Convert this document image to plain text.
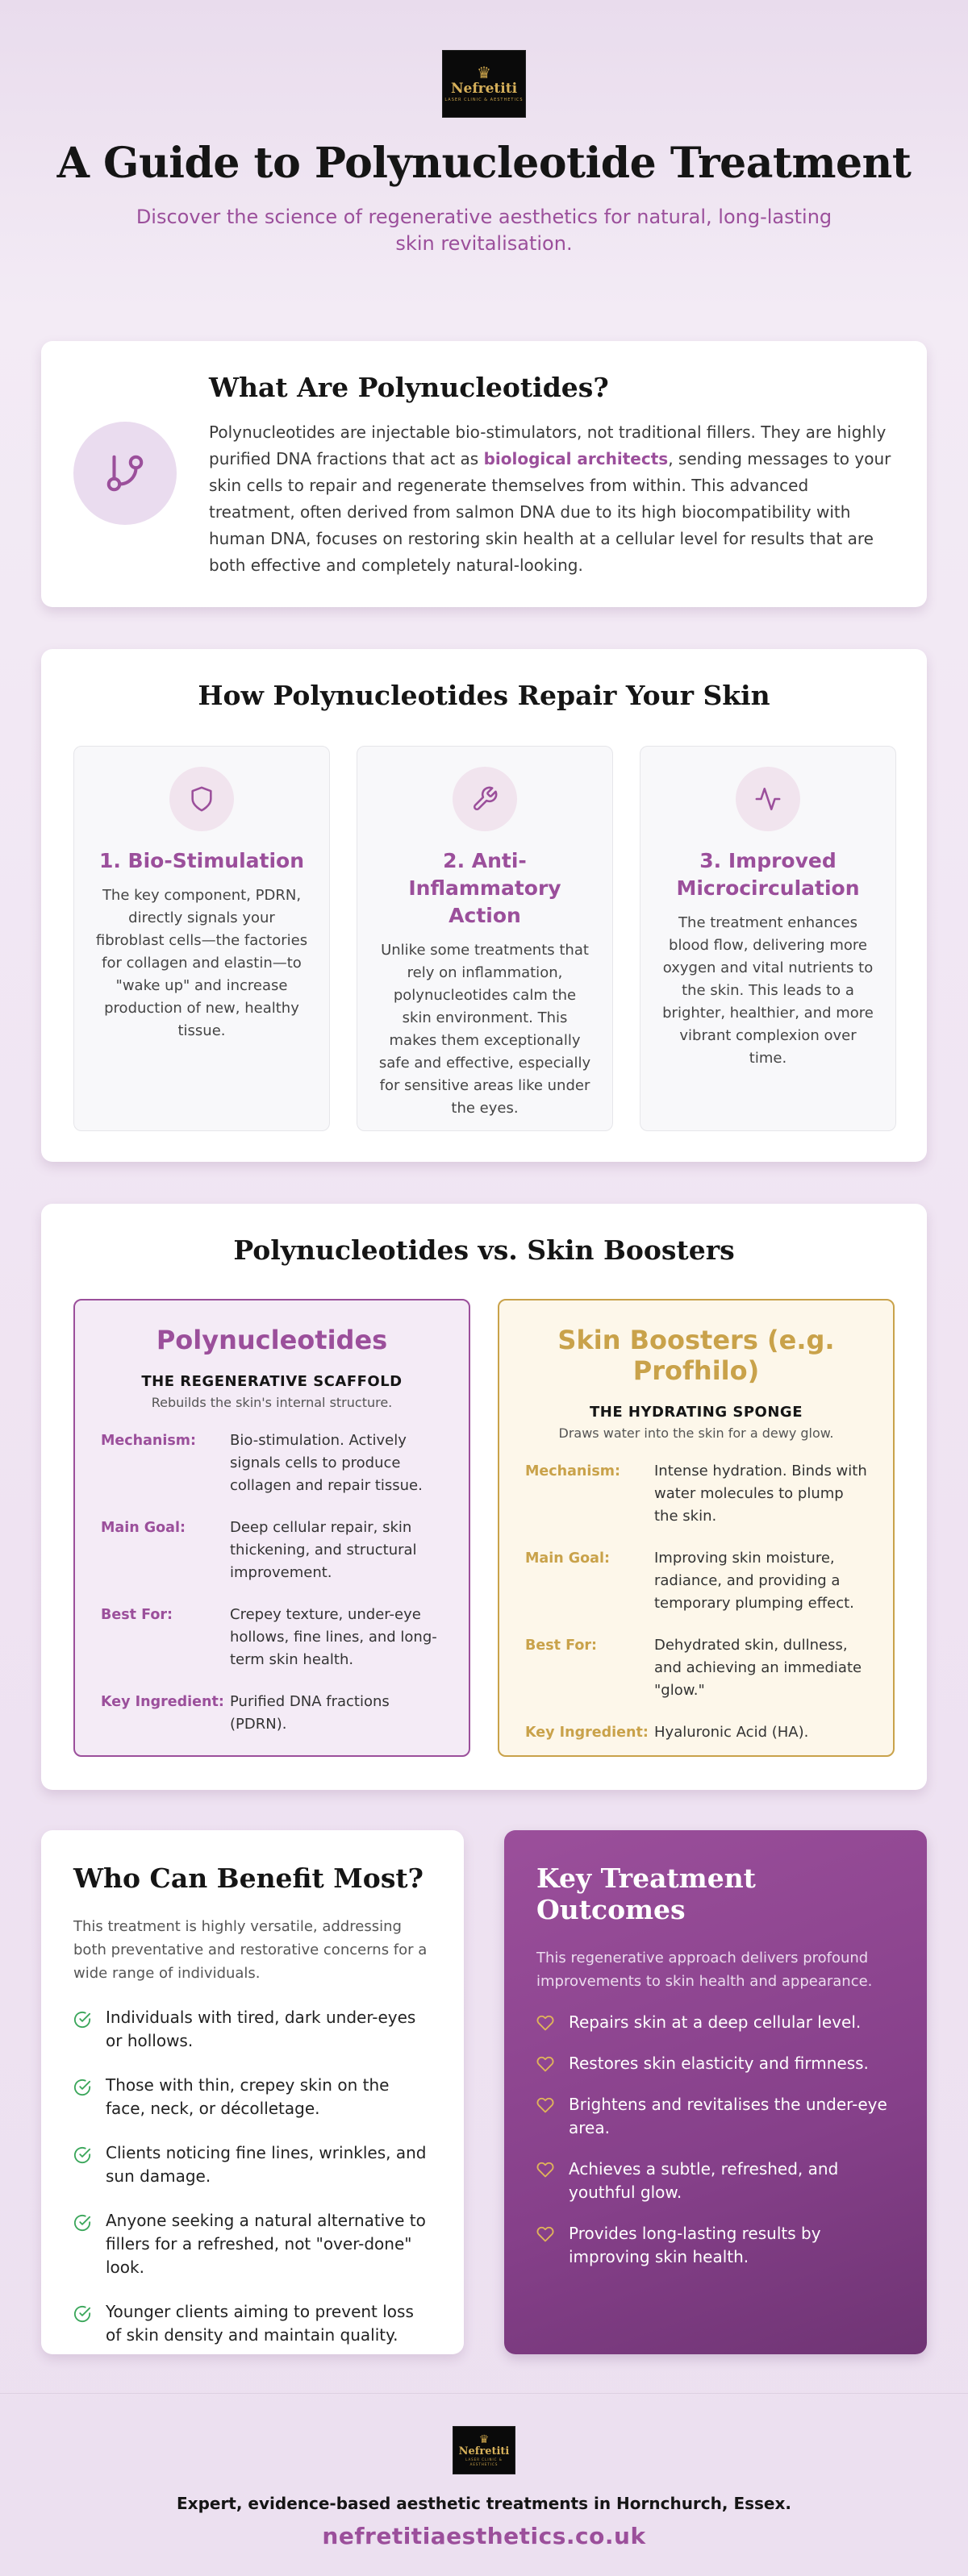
♛
Nefretiti
LASER CLINIC & AESTHETICS
A Guide to Polynucleotide Treatment

Discover the science of regenerative aesthetics for natural, long-lasting skin revitalisation.

What Are Polynucleotides?

Polynucleotides are injectable bio-stimulators, not traditional fillers. They are highly purified DNA fractions that act as biological architects, sending messages to your skin cells to repair and regenerate themselves from within. This advanced treatment, often derived from salmon DNA due to its high biocompatibility with human DNA, focuses on restoring skin health at a cellular level for results that are both effective and completely natural-looking.

How Polynucleotides Repair Your Skin
1. Bio-Stimulation

The key component, PDRN, directly signals your fibroblast cells—the factories for collagen and elastin—to "wake up" and increase production of new, healthy tissue.

2. Anti-Inflammatory Action

Unlike some treatments that rely on inflammation, polynucleotides calm the skin environment. This makes them exceptionally safe and effective, especially for sensitive areas like under the eyes.

3. Improved Microcirculation

The treatment enhances blood flow, delivering more oxygen and vital nutrients to the skin. This leads to a brighter, healthier, and more vibrant complexion over time.

Polynucleotides vs. Skin Boosters
Polynucleotides
THE REGENERATIVE SCAFFOLD
Rebuilds the skin's internal structure.
Mechanism:	Bio-stimulation. Actively signals cells to produce collagen and repair tissue.
Main Goal:	Deep cellular repair, skin thickening, and structural improvement.
Best For:	Crepey texture, under-eye hollows, fine lines, and long-term skin health.
Key Ingredient: Purified DNA fractions (PDRN).
Skin Boosters (e.g. Profhilo)
THE HYDRATING SPONGE
Draws water into the skin for a dewy glow.
Mechanism:	Intense hydration. Binds with water molecules to plump the skin.
Main Goal:	Improving skin moisture, radiance, and providing a temporary plumping effect.
Best For:	Dehydrated skin, dullness, and achieving an immediate "glow."
Key Ingredient: Hyaluronic Acid (HA).
Who Can Benefit Most?

This treatment is highly versatile, addressing both preventative and restorative concerns for a wide range of individuals.

Individuals with tired, dark under-eyes or hollows.
Those with thin, crepey skin on the face, neck, or décolletage.
Clients noticing fine lines, wrinkles, and sun damage.
Anyone seeking a natural alternative to fillers for a refreshed, not "over-done" look.
Younger clients aiming to prevent loss of skin density and maintain quality.
Key Treatment Outcomes

This regenerative approach delivers profound improvements to skin health and appearance.

Repairs skin at a deep cellular level.
Restores skin elasticity and firmness.
Brightens and revitalises the under-eye area.
Achieves a subtle, refreshed, and youthful glow.
Provides long-lasting results by improving skin health.
♛
Nefretiti
LASER CLINIC & AESTHETICS

Expert, evidence-based aesthetic treatments in Hornchurch, Essex.

nefretitiaesthetics.co.uk
